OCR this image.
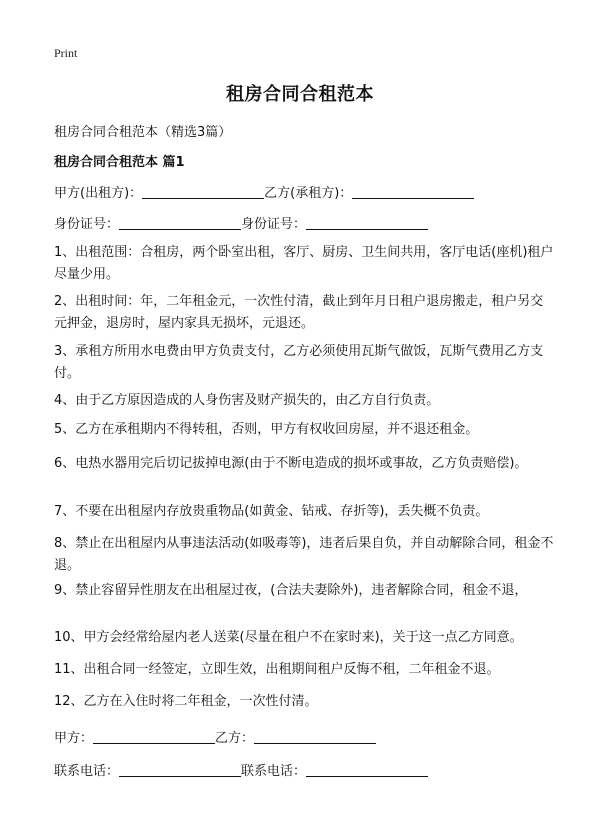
Print
租房合同合租范本
租房合同合租范本（精选3篇）
租房合同合租范本 篇1
甲方(出租方)：	乙方(承租方)：
身份证号：	身份证号：
1、出租范围：合租房，两个卧室出租，客厅、厨房、卫生间共用，客厅电话(座机)租户尽量少用。
2、出租时间：年，二年租金元，一次性付清，截止到年月日租户退房搬走，租户另交元押金，退房时，屋内家具无损坏，元退还。
3、承租方所用水电费由甲方负责支付，乙方必须使用瓦斯气做饭，瓦斯气费用乙方支付。
4、由于乙方原因造成的人身伤害及财产损失的，由乙方自行负责。
5、乙方在承租期内不得转租，否则，甲方有权收回房屋，并不退还租金。
6、电热水器用完后切记拔掉电源(由于不断电造成的损坏或事故，乙方负责赔偿)。
7、不要在出租屋内存放贵重物品(如黄金、钻戒、存折等)，丢失概不负责。
8、禁止在出租屋内从事违法活动(如吸毒等)，违者后果自负，并自动解除合同，租金不退。
9、禁止容留异性朋友在出租屋过夜，(合法夫妻除外)，违者解除合同，租金不退，
10、甲方会经常给屋内老人送菜(尽量在租户不在家时来)，关于这一点乙方同意。
11、出租合同一经签定，立即生效，出租期间租户反悔不租，二年租金不退。
12、乙方在入住时将二年租金，一次性付清。
甲方：	乙方：
联系电话：	联系电话：
